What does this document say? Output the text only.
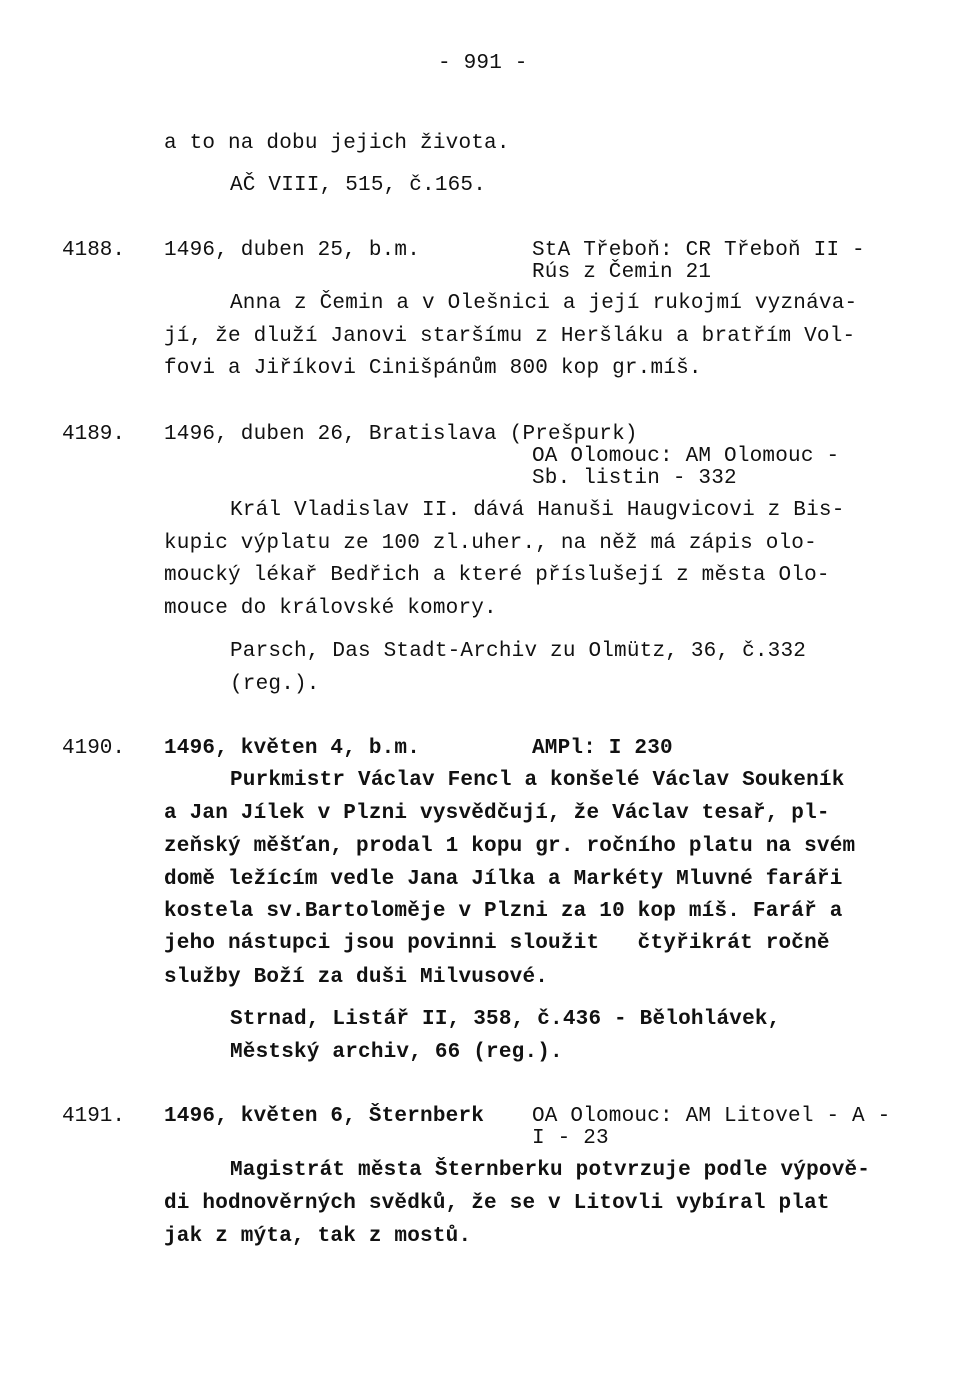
- 991 -
a to na dobu jejich života.
AČ VIII, 515, č.165.
4188. 1496, duben 25, b.m.	StA Třeboň: CR Třeboň II -
Rús z Čemin 21
Anna z Čemin a v Olešnici a její rukojmí vyznáva-
jí, že dluží Janovi staršímu z Heršláku a bratřím Vol-
fovi a Jiříkovi Cinišpánům 800 kop gr.míš.
4189. 1496, duben 26, Bratislava (Prešpurk)
OA Olomouc: AM Olomouc -
Sb. listin - 332
Král Vladislav II. dává Hanuši Haugvicovi z Bis-
kupic výplatu ze 100 zl.uher., na něž má zápis olo-
moucký lékař Bedřich a které příslušejí z města Olo-
mouce do královské komory.
Parsch, Das Stadt-Archiv zu Olmütz, 36, č.332
(reg.).
4190. 1496, květen 4, b.m.	AMPl: I 230
Purkmistr Václav Fencl a konšelé Václav Soukeník
a Jan Jílek v Plzni vysvědčují, že Václav tesař, pl-
zeňský měšťan, prodal 1 kopu gr. ročního platu na svém
domě ležícím vedle Jana Jílka a Markéty Mluvné faráři
kostela sv.Bartoloměje v Plzni za 10 kop míš. Farář a
jeho nástupci jsou povinni sloužit   čtyřikrát ročně
služby Boží za duši Milvusové.
Strnad, Listář II, 358, č.436 - Bělohlávek,
Městský archiv, 66 (reg.).
4191. 1496, květen 6, Šternberk OA Olomouc: AM Litovel - A -
I - 23
Magistrát města Šternberku potvrzuje podle výpově-
di hodnověrných svědků, že se v Litovli vybíral plat
jak z mýta, tak z mostů.
